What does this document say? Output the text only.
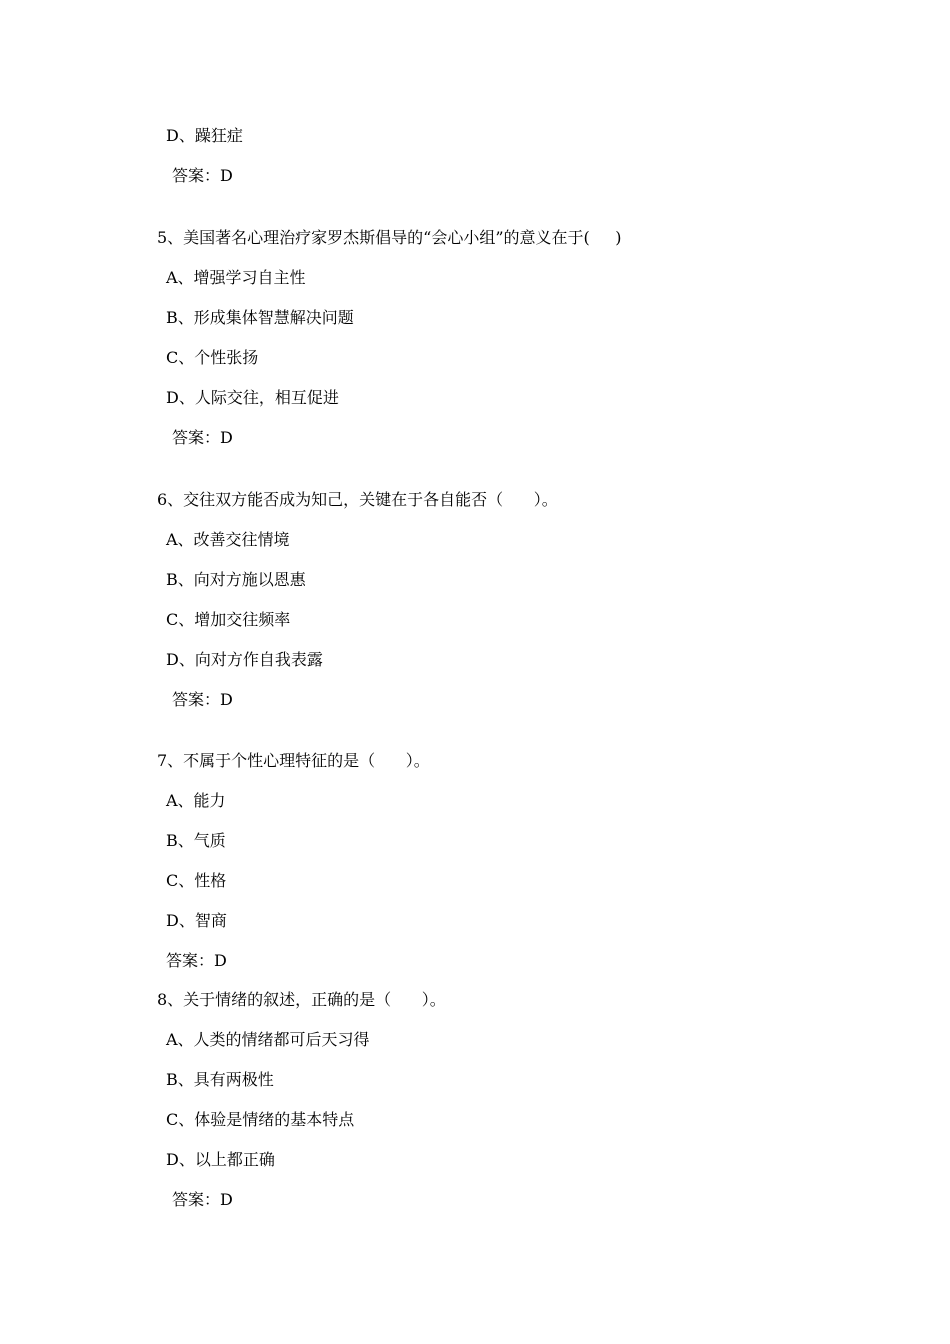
D、躁狂症
答案：D
5、美国著名心理治疗家罗杰斯倡导的“会心小组”的意义在于(     )
A、增强学习自主性
B、形成集体智慧解决问题
C、个性张扬
D、人际交往，相互促进
答案：D
6、交往双方能否成为知己，关键在于各自能否（      ）。
A、改善交往情境
B、向对方施以恩惠
C、增加交往频率
D、向对方作自我表露
答案：D
7、不属于个性心理特征的是（      ）。
A、能力
B、气质
C、性格
D、智商
答案：D
8、关于情绪的叙述，正确的是（      ）。
A、人类的情绪都可后天习得
B、具有两极性
C、体验是情绪的基本特点
D、以上都正确
答案：D
